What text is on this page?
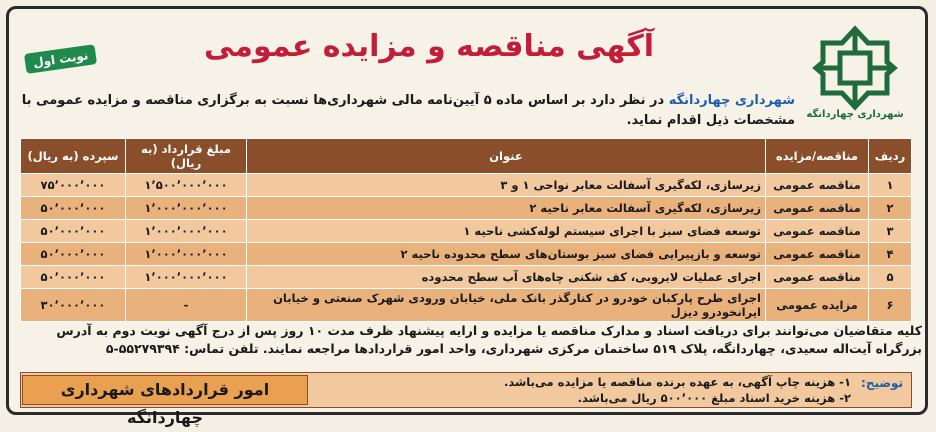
شهرداری چهاردانگه
نوبت اول	آگهی مناقصه و مزایده عمومی
شهرداری چهاردانگه در نظر دارد بر اساس ماده ۵ آیین‌نامه مالی شهرداری‌ها نسبت به برگزاری مناقصه و مزایده عمومی با مشخصات ذیل اقدام نماید.
ردیف	مناقصه/مزایده	عنوان	مبلغ قرارداد (به ریال)	سپرده (به ریال)
۱	مناقصه عمومی	زیرسازی، لکه‌گیری آسفالت معابر نواحی ۱ و ۳	۱٬۵۰۰٬۰۰۰٬۰۰۰	۷۵٬۰۰۰٬۰۰۰
۲	مناقصه عمومی	زیرسازی، لکه‌گیری آسفالت معابر ناحیه ۲	۱٬۰۰۰٬۰۰۰٬۰۰۰	۵۰٬۰۰۰٬۰۰۰
۳	مناقصه عمومی	توسعه فضای سبز با اجرای سیستم لوله‌کشی ناحیه ۱	۱٬۰۰۰٬۰۰۰٬۰۰۰	۵۰٬۰۰۰٬۰۰۰
۴	مناقصه عمومی	توسعه و بازپیرایی فضای سبز بوستان‌های سطح محدوده ناحیه ۲	۱٬۰۰۰٬۰۰۰٬۰۰۰	۵۰٬۰۰۰٬۰۰۰
۵	مناقصه عمومی	اجرای عملیات لایروبی، کف شکنی چاه‌های آب سطح محدوده	۱٬۰۰۰٬۰۰۰٬۰۰۰	۵۰٬۰۰۰٬۰۰۰
۶	مزایده عمومی	اجرای طرح پارکبان خودرو در کنارگذر بانک ملی، خیابان ورودی شهرک صنعتی و خیابان ایرانخودرو دیزل	-	۳۰٬۰۰۰٬۰۰۰
کلیه متقاضیان می‌توانند برای دریافت اسناد و مدارک مناقصه یا مزایده و ارایه پیشنهاد ظرف مدت ۱۰ روز پس از درج آگهی نوبت دوم به آدرس بزرگراه آیت‌اله سعیدی، چهاردانگه، پلاک ۵۱۹ ساختمان مرکزی شهرداری، واحد امور قراردادها مراجعه نمایند. تلفن تماس: ۵۵۲۷۹۳۹۴-۵
توضیح:
۱- هزینه چاپ آگهی، به عهده برنده مناقصه یا مزایده می‌باشد.
۲- هزینه خرید اسناد مبلغ ۵۰۰٬۰۰۰ ریال می‌باشد.
امور قراردادهای شهرداری چهاردانگه
